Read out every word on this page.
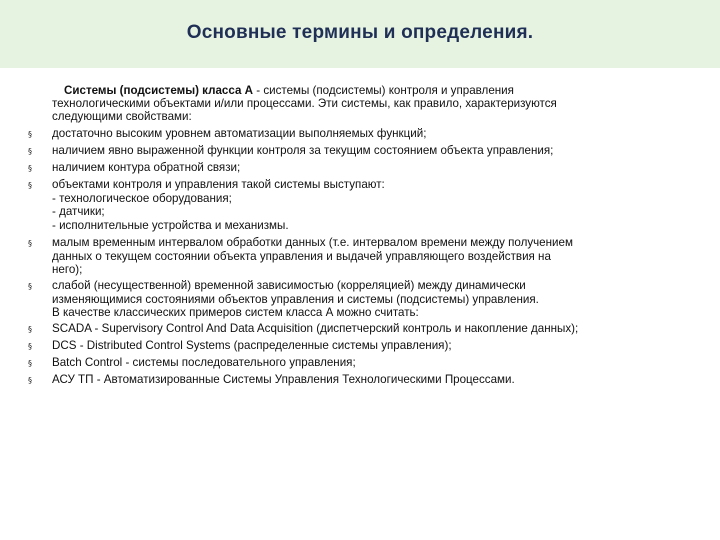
Основные термины и определения.
Системы (подсистемы) класса А - системы (подсистемы) контроля и управления
технологическими объектами и/или процессами. Эти системы, как правило, характеризуются
следующими свойствами:
§ достаточно высоким уровнем автоматизации выполняемых функций;
§ наличием явно выраженной функции контроля за текущим состоянием объекта управления;
§ наличием контура обратной связи;
§ объектами контроля и управления такой системы выступают:
- технологическое оборудования;
- датчики;
- исполнительные устройства и механизмы.
§ малым временным интервалом обработки данных (т.е. интервалом времени между получением
данных о текущем состоянии объекта управления и выдачей управляющего воздействия на
него);
§ слабой (несущественной) временной зависимостью (корреляцией) между динамически
изменяющимися состояниями объектов управления и системы (подсистемы) управления.
В качестве классических примеров систем класса А можно считать:
§ SCADA - Supervisory Control And Data Acquisition (диспетчерский контроль и накопление данных);
§ DCS - Distributed Control Systems (распределенные системы управления);
§ Batch Control - системы последовательного управления;
§ АСУ ТП - Автоматизированные Системы Управления Технологическими Процессами.
